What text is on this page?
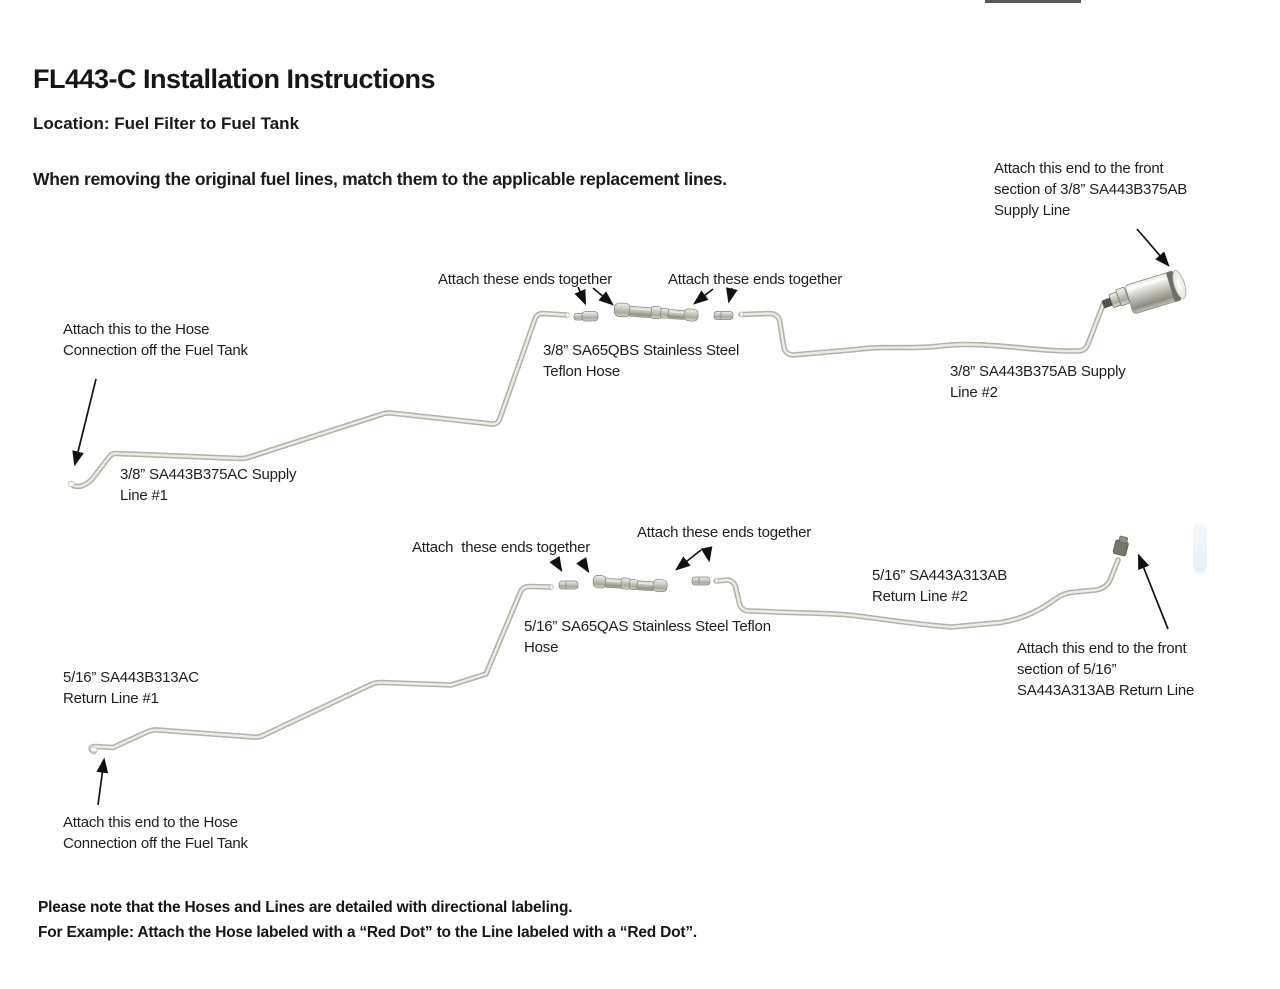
FL443-C Installation Instructions
Location: Fuel Filter to Fuel Tank
When removing the original fuel lines, match them to the applicable replacement lines.
Attach this end to the front
section of 3/8” SA443B375AB
Supply Line
Attach these ends together	Attach these ends together
3/8” SA65QBS Stainless Steel
Teflon Hose	3/8” SA443B375AB Supply
Line #2
Attach this to the Hose
Connection off the Fuel Tank
3/8” SA443B375AC Supply
Line #1
Attach  these ends together
Attach these ends together
5/16” SA443A313AB
Return Line #2
5/16” SA65QAS Stainless Steel Teflon
Hose
5/16” SA443B313AC
Return Line #1
Attach this end to the front
section of 5/16”
SA443A313AB Return Line
Attach this end to the Hose
Connection off the Fuel Tank
Please note that the Hoses and Lines are detailed with directional labeling.
For Example: Attach the Hose labeled with a “Red Dot” to the Line labeled with a “Red Dot”.
